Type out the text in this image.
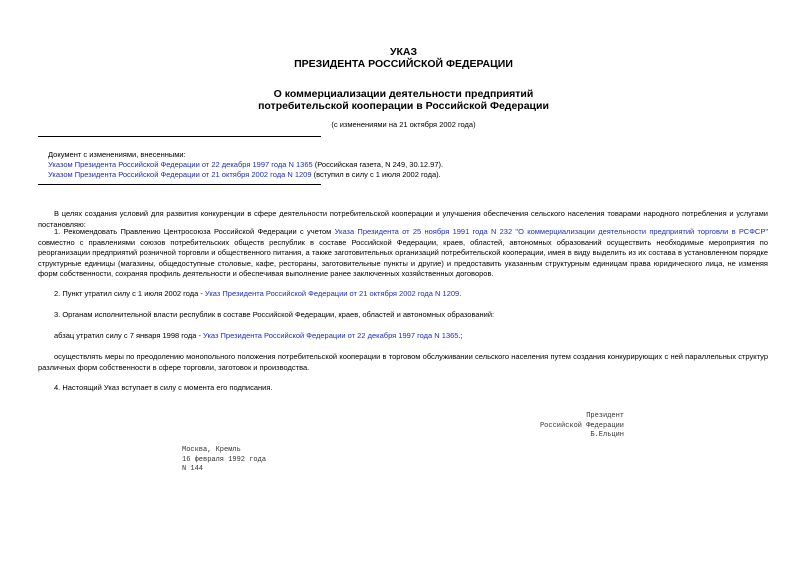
УКАЗ
ПРЕЗИДЕНТА РОССИЙСКОЙ ФЕДЕРАЦИИ
О коммерциализации деятельности предприятий
потребительской кооперации в Российской Федерации
(с изменениями на 21 октября 2002 года)
Документ с изменениями, внесенными:
Указом Президента Российской Федерации от 22 декабря 1997 года N 1365 (Российская газета, N 249, 30.12.97).
Указом Президента Российской Федерации от 21 октября 2002 года N 1209 (вступил в силу с 1 июля 2002 года).
В целях создания условий для развития конкуренции в сфере деятельности потребительской кооперации и улучшения обеспечения сельского населения товарами народного потребления и услугами постановляю:
1. Рекомендовать Правлению Центросоюза Российской Федерации с учетом Указа Президента от 25 ноября 1991 года N 232 "О коммерциализации деятельности предприятий торговли в РСФСР" совместно с правлениями союзов потребительских обществ республик в составе Российской Федерации, краев, областей, автономных образований осуществить необходимые мероприятия по реорганизации предприятий розничной торговли и общественного питания, а также заготовительных организаций потребительской кооперации, имея в виду выделить из их состава в установленном порядке структурные единицы (магазины, общедоступные столовые, кафе, рестораны, заготовительные пункты и другие) и предоставить указанным структурным единицам права юридического лица, не изменяя форм собственности, сохраняя профиль деятельности и обеспечивая выполнение ранее заключенных хозяйственных договоров.
2. Пункт утратил силу с 1 июля 2002 года - Указ Президента Российской Федерации от 21 октября 2002 года N 1209.
3. Органам исполнительной власти республик в составе Российской Федерации, краев, областей и автономных образований:
абзац утратил силу с 7 января 1998 года - Указ Президента Российской Федерации от 22 декабря 1997 года N 1365.;
осуществлять меры по преодолению монопольного положения потребительской кооперации в торговом обслуживании сельского населения путем создания конкурирующих с ней параллельных структур различных форм собственности в сфере торговли, заготовок и производства.
4. Настоящий Указ вступает в силу с момента его подписания.
Президент
Российской Федерации
Б.Ельцин
Москва, Кремль
16 февраля 1992 года
N 144
